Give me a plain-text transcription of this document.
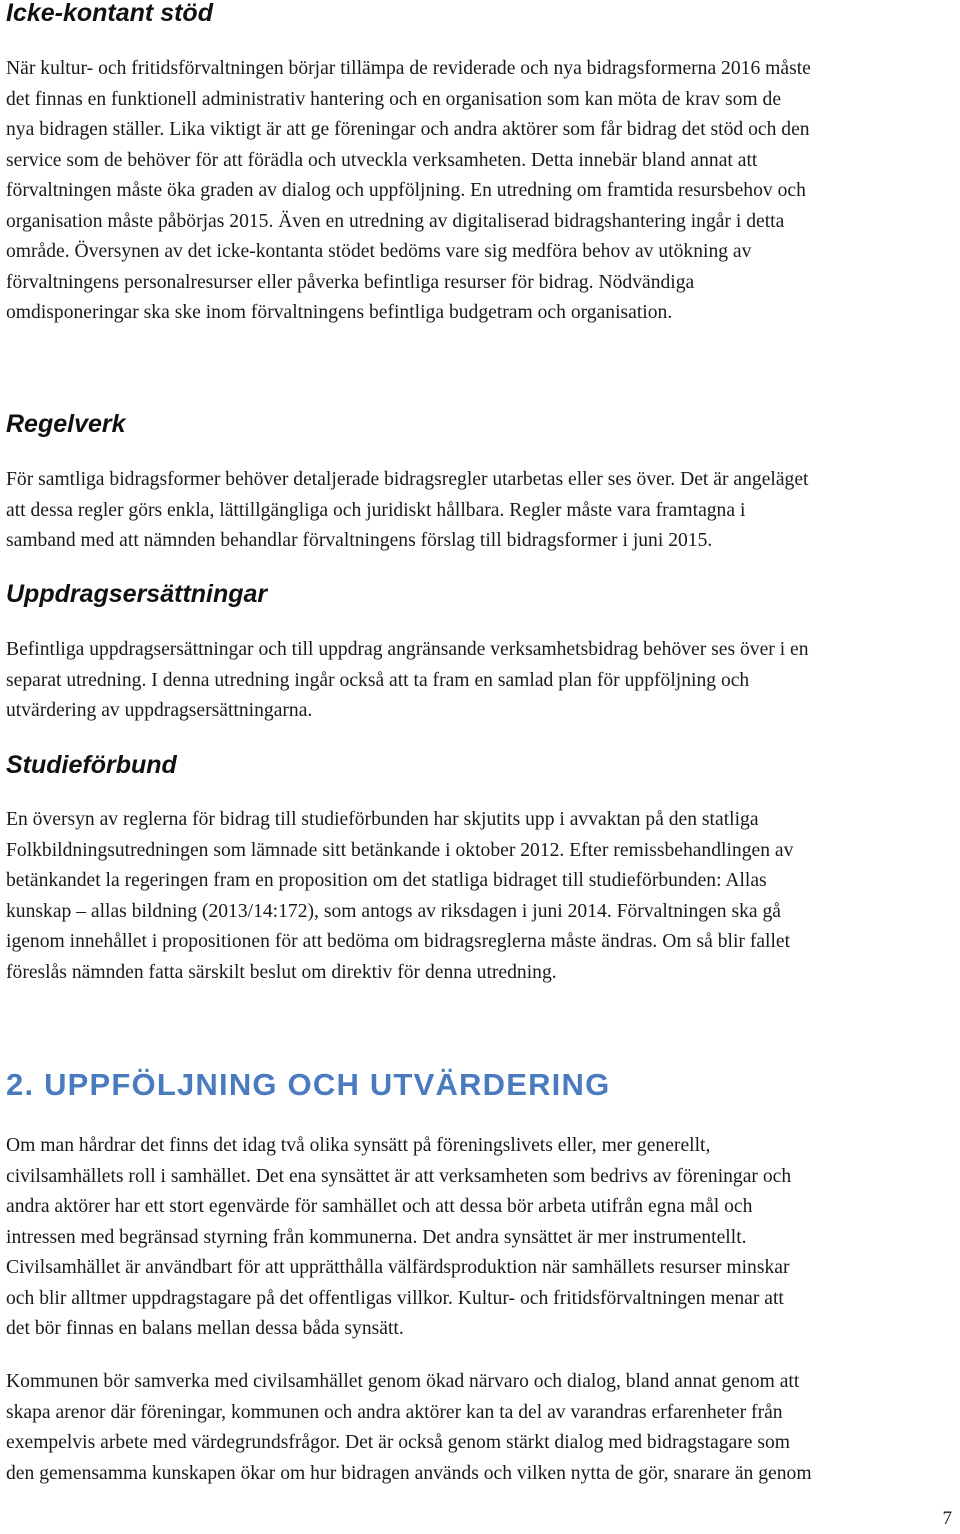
Icke-kontant stöd

När kultur- och fritidsförvaltningen börjar tillämpa de reviderade och nya bidragsformerna 2016 måste
det finnas en funktionell administrativ hantering och en organisation som kan möta de krav som de
nya bidragen ställer. Lika viktigt är att ge föreningar och andra aktörer som får bidrag det stöd och den
service som de behöver för att förädla och utveckla verksamheten. Detta innebär bland annat att
förvaltningen måste öka graden av dialog och uppföljning. En utredning om framtida resursbehov och
organisation måste påbörjas 2015. Även en utredning av digitaliserad bidragshantering ingår i detta
område. Översynen av det icke-kontanta stödet bedöms vare sig medföra behov av utökning av
förvaltningens personalresurser eller påverka befintliga resurser för bidrag. Nödvändiga
omdisponeringar ska ske inom förvaltningens befintliga budgetram och organisation.

Regelverk

För samtliga bidragsformer behöver detaljerade bidragsregler utarbetas eller ses över. Det är angeläget
att dessa regler görs enkla, lättillgängliga och juridiskt hållbara. Regler måste vara framtagna i
samband med att nämnden behandlar förvaltningens förslag till bidragsformer i juni 2015.

Uppdragsersättningar

Befintliga uppdragsersättningar och till uppdrag angränsande verksamhetsbidrag behöver ses över i en
separat utredning. I denna utredning ingår också att ta fram en samlad plan för uppföljning och
utvärdering av uppdragsersättningarna.

Studieförbund

En översyn av reglerna för bidrag till studieförbunden har skjutits upp i avvaktan på den statliga
Folkbildningsutredningen som lämnade sitt betänkande i oktober 2012. Efter remissbehandlingen av
betänkandet la regeringen fram en proposition om det statliga bidraget till studieförbunden: Allas
kunskap – allas bildning (2013/14:172), som antogs av riksdagen i juni 2014. Förvaltningen ska gå
igenom innehållet i propositionen för att bedöma om bidragsreglerna måste ändras. Om så blir fallet
föreslås nämnden fatta särskilt beslut om direktiv för denna utredning.

2. UPPFÖLJNING OCH UTVÄRDERING

Om man hårdrar det finns det idag två olika synsätt på föreningslivets eller, mer generellt,
civilsamhällets roll i samhället. Det ena synsättet är att verksamheten som bedrivs av föreningar och
andra aktörer har ett stort egenvärde för samhället och att dessa bör arbeta utifrån egna mål och
intressen med begränsad styrning från kommunerna. Det andra synsättet är mer instrumentellt.
Civilsamhället är användbart för att upprätthålla välfärdsproduktion när samhällets resurser minskar
och blir alltmer uppdragstagare på det offentligas villkor. Kultur- och fritidsförvaltningen menar att
det bör finnas en balans mellan dessa båda synsätt.

Kommunen bör samverka med civilsamhället genom ökad närvaro och dialog, bland annat genom att
skapa arenor där föreningar, kommunen och andra aktörer kan ta del av varandras erfarenheter från
exempelvis arbete med värdegrundsfrågor. Det är också genom stärkt dialog med bidragstagare som
den gemensamma kunskapen ökar om hur bidragen används och vilken nytta de gör, snarare än genom

7
